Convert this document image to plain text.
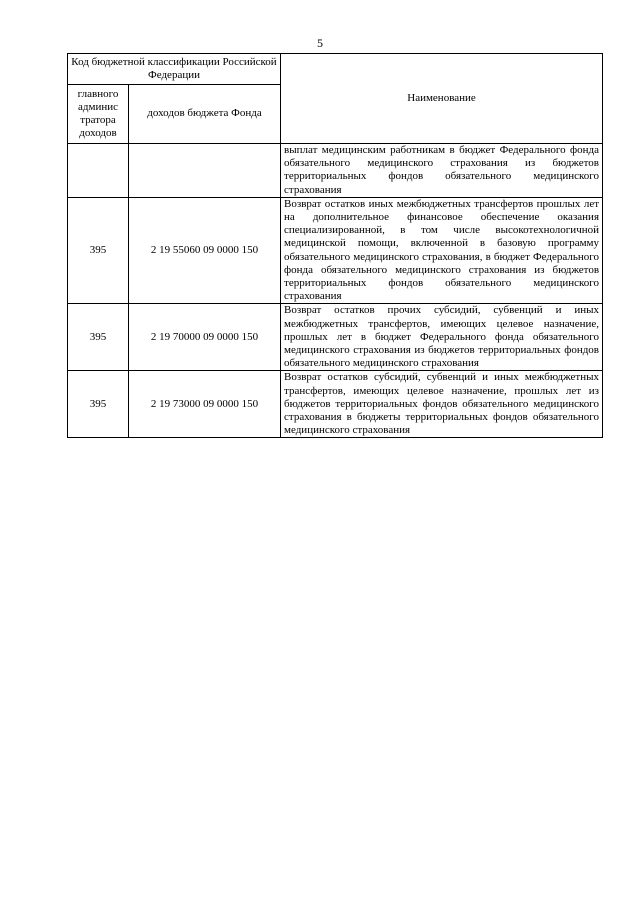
5
Код бюджетной классификации Российской Федерации		Наименование
главного админис тратора доходов	доходов бюджета Фонда	
		выплат медицинским работникам в бюджет Федерального фонда обязательного медицинского страхования из бюджетов территориальных фондов обязательного медицинского страхования
395	2 19 55060 09 0000 150	Возврат остатков иных межбюджетных трансфертов прошлых лет на дополнительное финансовое обеспечение оказания специализированной, в том числе высокотехнологичной медицинской помощи, включенной в базовую программу обязательного медицинского страхования, в бюджет Федерального фонда обязательного медицинского страхования из бюджетов территориальных фондов обязательного медицинского страхования
395	2 19 70000 09 0000 150	Возврат остатков прочих субсидий, субвенций и иных межбюджетных трансфертов, имеющих целевое назначение, прошлых лет в бюджет Федерального фонда обязательного медицинского страхования из бюджетов территориальных фондов обязательного медицинского страхования
395	2 19 73000 09 0000 150	Возврат остатков субсидий, субвенций и иных межбюджетных трансфертов, имеющих целевое назначение, прошлых лет из бюджетов территориальных фондов обязательного медицинского страхования в бюджеты территориальных фондов обязательного медицинского страхования
